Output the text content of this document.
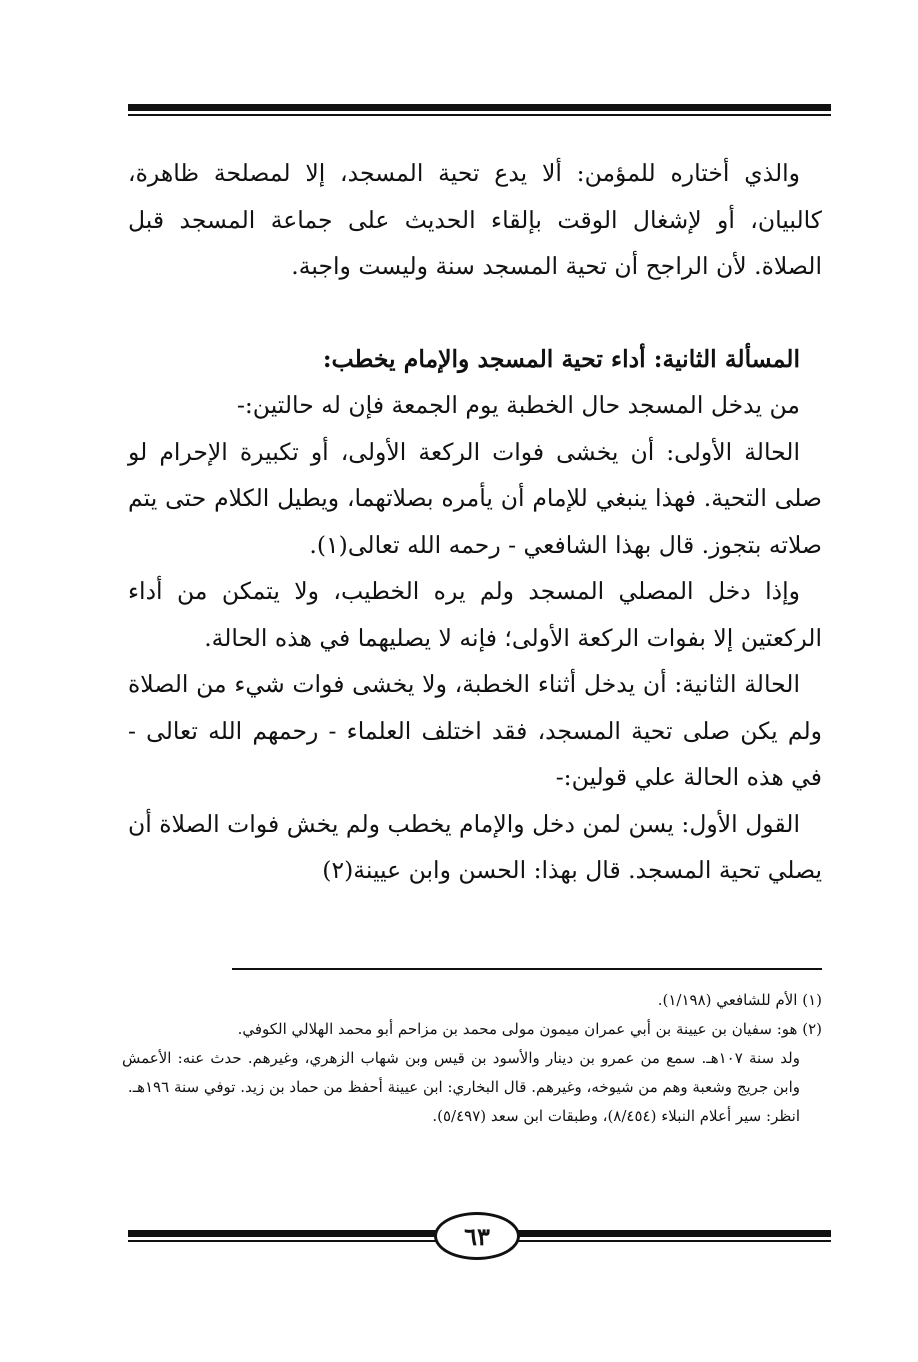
والذي أختاره للمؤمن: ألا يدع تحية المسجد، إلا لمصلحة ظاهرة، كالبيان، أو لإشغال الوقت بإلقاء الحديث على جماعة المسجد قبل الصلاة. لأن الراجح أن تحية المسجد سنة وليست واجبة.

المسألة الثانية: أداء تحية المسجد والإمام يخطب:

من يدخل المسجد حال الخطبة يوم الجمعة فإن له حالتين:-

الحالة الأولى: أن يخشى فوات الركعة الأولى، أو تكبيرة الإحرام لو صلى التحية. فهذا ينبغي للإمام أن يأمره بصلاتهما، ويطيل الكلام حتى يتم صلاته بتجوز. قال بهذا الشافعي - رحمه الله تعالى(١).

وإذا دخل المصلي المسجد ولم يره الخطيب، ولا يتمكن من أداء الركعتين إلا بفوات الركعة الأولى؛ فإنه لا يصليهما في هذه الحالة.

الحالة الثانية: أن يدخل أثناء الخطبة، ولا يخشى فوات شيء من الصلاة ولم يكن صلى تحية المسجد، فقد اختلف العلماء - رحمهم الله تعالى - في هذه الحالة علي قولين:-

القول الأول: يسن لمن دخل والإمام يخطب ولم يخش فوات الصلاة أن يصلي تحية المسجد. قال بهذا: الحسن وابن عيينة(٢)

(١) الأم للشافعي (١/١٩٨).

(٢) هو: سفيان بن عيينة بن أبي عمران ميمون مولى محمد بن مزاحم أبو محمد الهلالي الكوفي.

ولد سنة ١٠٧هـ. سمع من عمرو بن دينار والأسود بن قيس وبن شهاب الزهري، وغيرهم. حدث عنه: الأعمش وابن جريج وشعبة وهم من شيوخه، وغيرهم. قال البخاري: ابن عيينة أحفظ من حماد بن زيد. توفي سنة ١٩٦هـ.

انظر: سير أعلام النبلاء (٨/٤٥٤)، وطبقات ابن سعد (٥/٤٩٧).

٦٣
